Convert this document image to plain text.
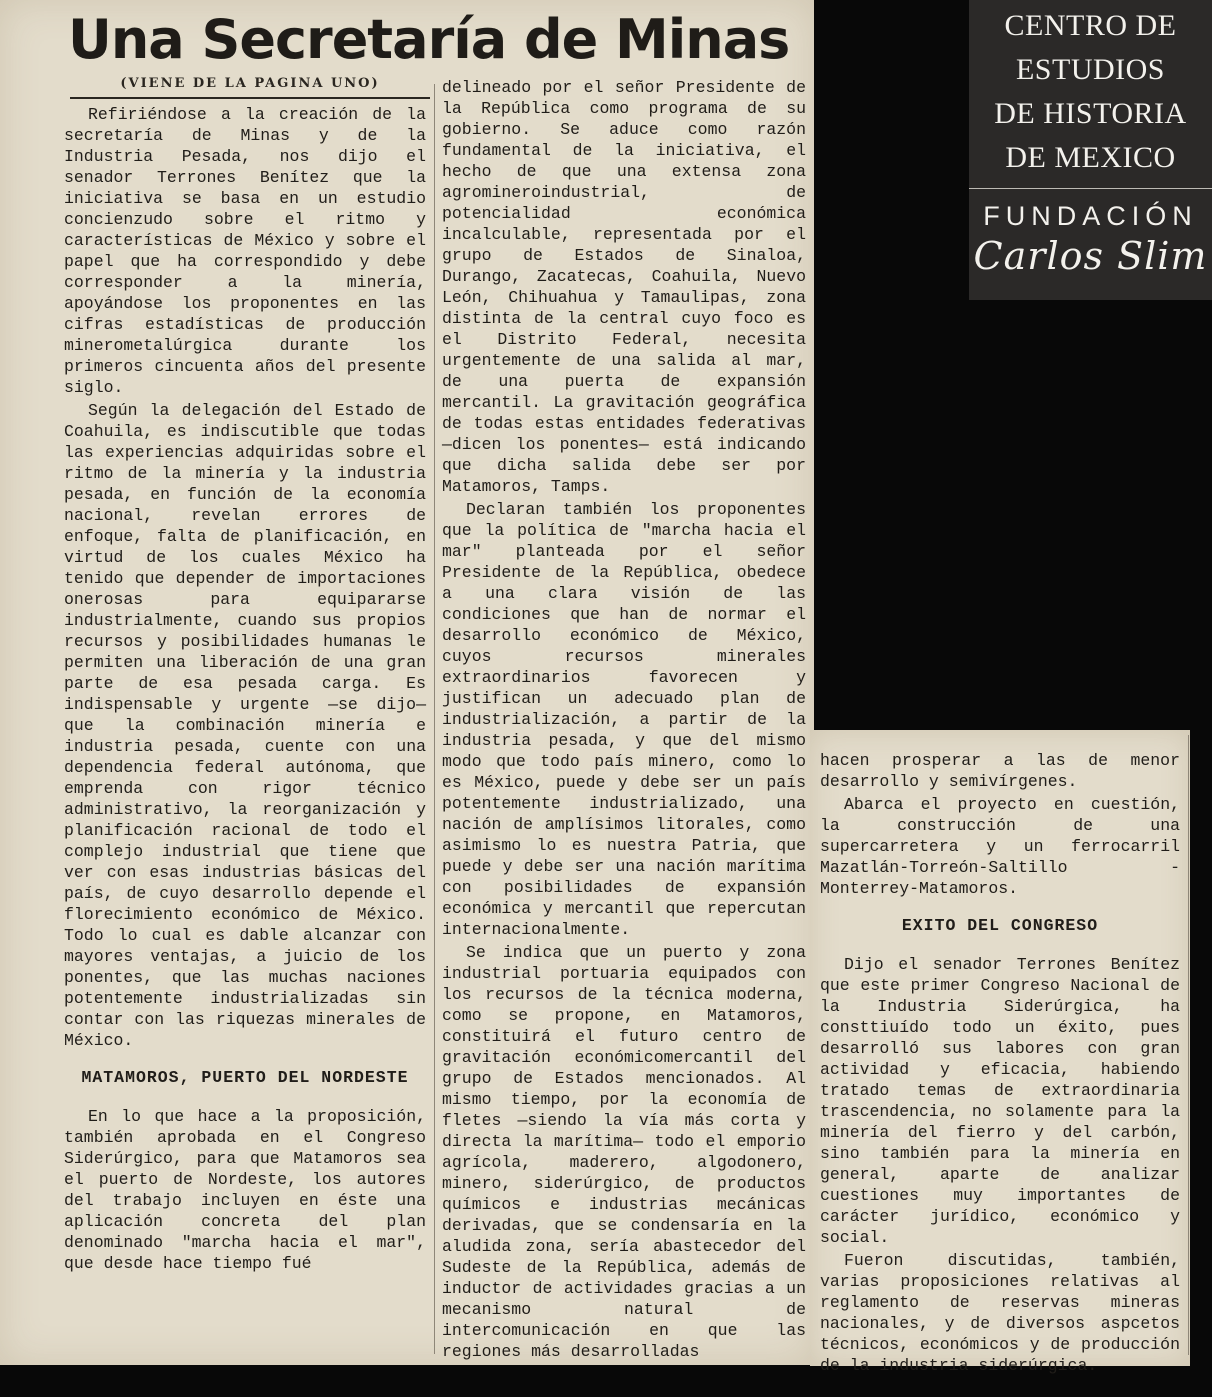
Una Secretaría de Minas
(VIENE DE LA PAGINA UNO)

Refiriéndose a la creación de la secretaría de Minas y de la Industria Pesada, nos dijo el senador Terrones Benítez que la iniciativa se basa en un estudio concienzudo sobre el ritmo y características de México y sobre el papel que ha correspondido y debe corresponder a la minería, apoyándose los proponentes en las cifras estadísticas de producción minerometalúrgica durante los primeros cincuenta años del presente siglo.

Según la delegación del Estado de Coahuila, es indiscutible que todas las experiencias adquiridas sobre el ritmo de la minería y la industria pesada, en función de la economía nacional, revelan errores de enfoque, falta de planificación, en virtud de los cuales México ha tenido que depender de importaciones onerosas para equipararse industrialmente, cuando sus propios recursos y posibilidades humanas le permiten una liberación de una gran parte de esa pesada carga. Es indispensable y urgente —se dijo— que la combinación minería e industria pesada, cuente con una dependencia federal autónoma, que emprenda con rigor técnico administrativo, la reorganización y planificación racional de todo el complejo industrial que tiene que ver con esas industrias básicas del país, de cuyo desarrollo depende el florecimiento económico de México. Todo lo cual es dable alcanzar con mayores ventajas, a juicio de los ponentes, que las muchas naciones potentemente industrializadas sin contar con las riquezas minerales de México.

MATAMOROS, PUERTO DEL NORDESTE

En lo que hace a la proposición, también aprobada en el Congreso Siderúrgico, para que Matamoros sea el puerto de Nordeste, los autores del trabajo incluyen en éste una aplicación concreta del plan denominado "marcha hacia el mar", que desde hace tiempo fué

delineado por el señor Presidente de la República como programa de su gobierno. Se aduce como razón fundamental de la iniciativa, el hecho de que una extensa zona agromineroindustrial, de potencialidad económica incalculable, representada por el grupo de Estados de Sinaloa, Durango, Zacatecas, Coahuila, Nuevo León, Chihuahua y Tamaulipas, zona distinta de la central cuyo foco es el Distrito Federal, necesita urgentemente de una salida al mar, de una puerta de expansión mercantil. La gravitación geográfica de todas estas entidades federativas —dicen los ponentes— está indicando que dicha salida debe ser por Matamoros, Tamps.

Declaran también los proponentes que la política de "marcha hacia el mar" planteada por el señor Presidente de la República, obedece a una clara visión de las condiciones que han de normar el desarrollo económico de México, cuyos recursos minerales extraordinarios favorecen y justifican un adecuado plan de industrialización, a partir de la industria pesada, y que del mismo modo que todo país minero, como lo es México, puede y debe ser un país potentemente industrializado, una nación de amplísimos litorales, como asimismo lo es nuestra Patria, que puede y debe ser una nación marítima con posibilidades de expansión económica y mercantil que repercutan internacionalmente.

Se indica que un puerto y zona industrial portuaria equipados con los recursos de la técnica moderna, como se propone, en Matamoros, constituirá el futuro centro de gravitación económicomercantil del grupo de Estados mencionados. Al mismo tiempo, por la economía de fletes —siendo la vía más corta y directa la marítima— todo el emporio agrícola, maderero, algodonero, minero, siderúrgico, de productos químicos e industrias mecánicas derivadas, que se condensaría en la aludida zona, sería abastecedor del Sudeste de la República, además de inductor de actividades gracias a un mecanismo natural de intercomunicación en que las regiones más desarrolladas

hacen prosperar a las de menor desarrollo y semivírgenes.

Abarca el proyecto en cuestión, la construcción de una supercarretera y un ferrocarril Mazatlán-Torreón-Saltillo - Monterrey-Matamoros.

EXITO DEL CONGRESO

Dijo el senador Terrones Benítez que este primer Congreso Nacional de la Industria Siderúrgica, ha consttiuído todo un éxito, pues desarrolló sus labores con gran actividad y eficacia, habiendo tratado temas de extraordinaria trascendencia, no solamente para la minería del fierro y del carbón, sino también para la minería en general, aparte de analizar cuestiones muy importantes de carácter jurídico, económico y social.

Fueron discutidas, también, varias proposiciones relativas al reglamento de reservas mineras nacionales, y de diversos aspcetos técnicos, económicos y de producción de la industria siderúrgica.

CENTRO DE
ESTUDIOS
DE HISTORIA
DE MEXICO
FUNDACIÓN
Carlos Slim
